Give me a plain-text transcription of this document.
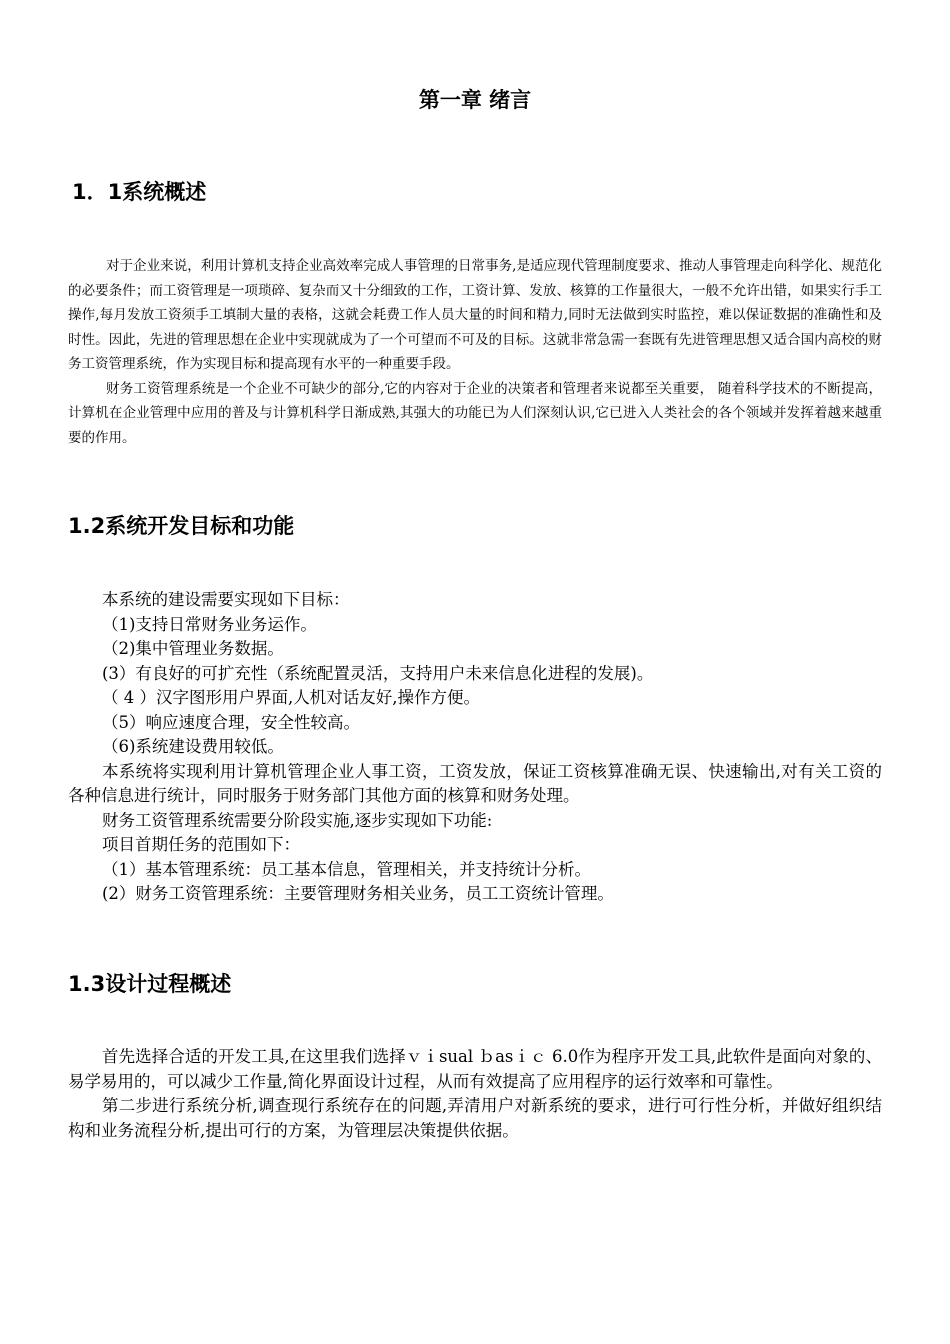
第一章 绪言
1．1系统概述

对于企业来说，利用计算机支持企业高效率完成人事管理的日常事务,是适应现代管理制度要求、推动人事管理走向科学化、规范化的必要条件；而工资管理是一项琐碎、复杂而又十分细致的工作，工资计算、发放、核算的工作量很大，一般不允许出错，如果实行手工操作,每月发放工资须手工填制大量的表格，这就会耗费工作人员大量的时间和精力,同时无法做到实时监控，难以保证数据的准确性和及时性。因此，先进的管理思想在企业中实现就成为了一个可望而不可及的目标。这就非常急需一套既有先进管理思想又适合国内高校的财务工资管理系统，作为实现目标和提高现有水平的一种重要手段。

财务工资管理系统是一个企业不可缺少的部分,它的内容对于企业的决策者和管理者来说都至关重要， 随着科学技术的不断提高， 计算机在企业管理中应用的普及与计算机科学日渐成熟,其强大的功能已为人们深刻认识,它已进入人类社会的各个领域并发挥着越来越重要的作用。

1.2系统开发目标和功能

本系统的建设需要实现如下目标：

（1)支持日常财务业务运作。

（2)集中管理业务数据。

(3）有良好的可扩充性（系统配置灵活，支持用户未来信息化进程的发展)。

（ 4 ）汉字图形用户界面,人机对话友好,操作方便。

（5）响应速度合理，安全性较高。

（6)系统建设费用较低。

本系统将实现利用计算机管理企业人事工资，工资发放，保证工资核算准确无误、快速输出,对有关工资的各种信息进行统计，同时服务于财务部门其他方面的核算和财务处理。

财务工资管理系统需要分阶段实施,逐步实现如下功能:

项目首期任务的范围如下：

（1）基本管理系统：员工基本信息，管理相关，并支持统计分析。

(2）财务工资管理系统：主要管理财务相关业务，员工工资统计管理。

1.3设计过程概述

首先选择合适的开发工具,在这里我们选择ｖｉsual ｂasｉｃ 6.0作为程序开发工具,此软件是面向对象的、易学易用的，可以减少工作量,简化界面设计过程，从而有效提高了应用程序的运行效率和可靠性。

第二步进行系统分析,调查现行系统存在的问题,弄清用户对新系统的要求，进行可行性分析，并做好组织结构和业务流程分析,提出可行的方案，为管理层决策提供依据。
